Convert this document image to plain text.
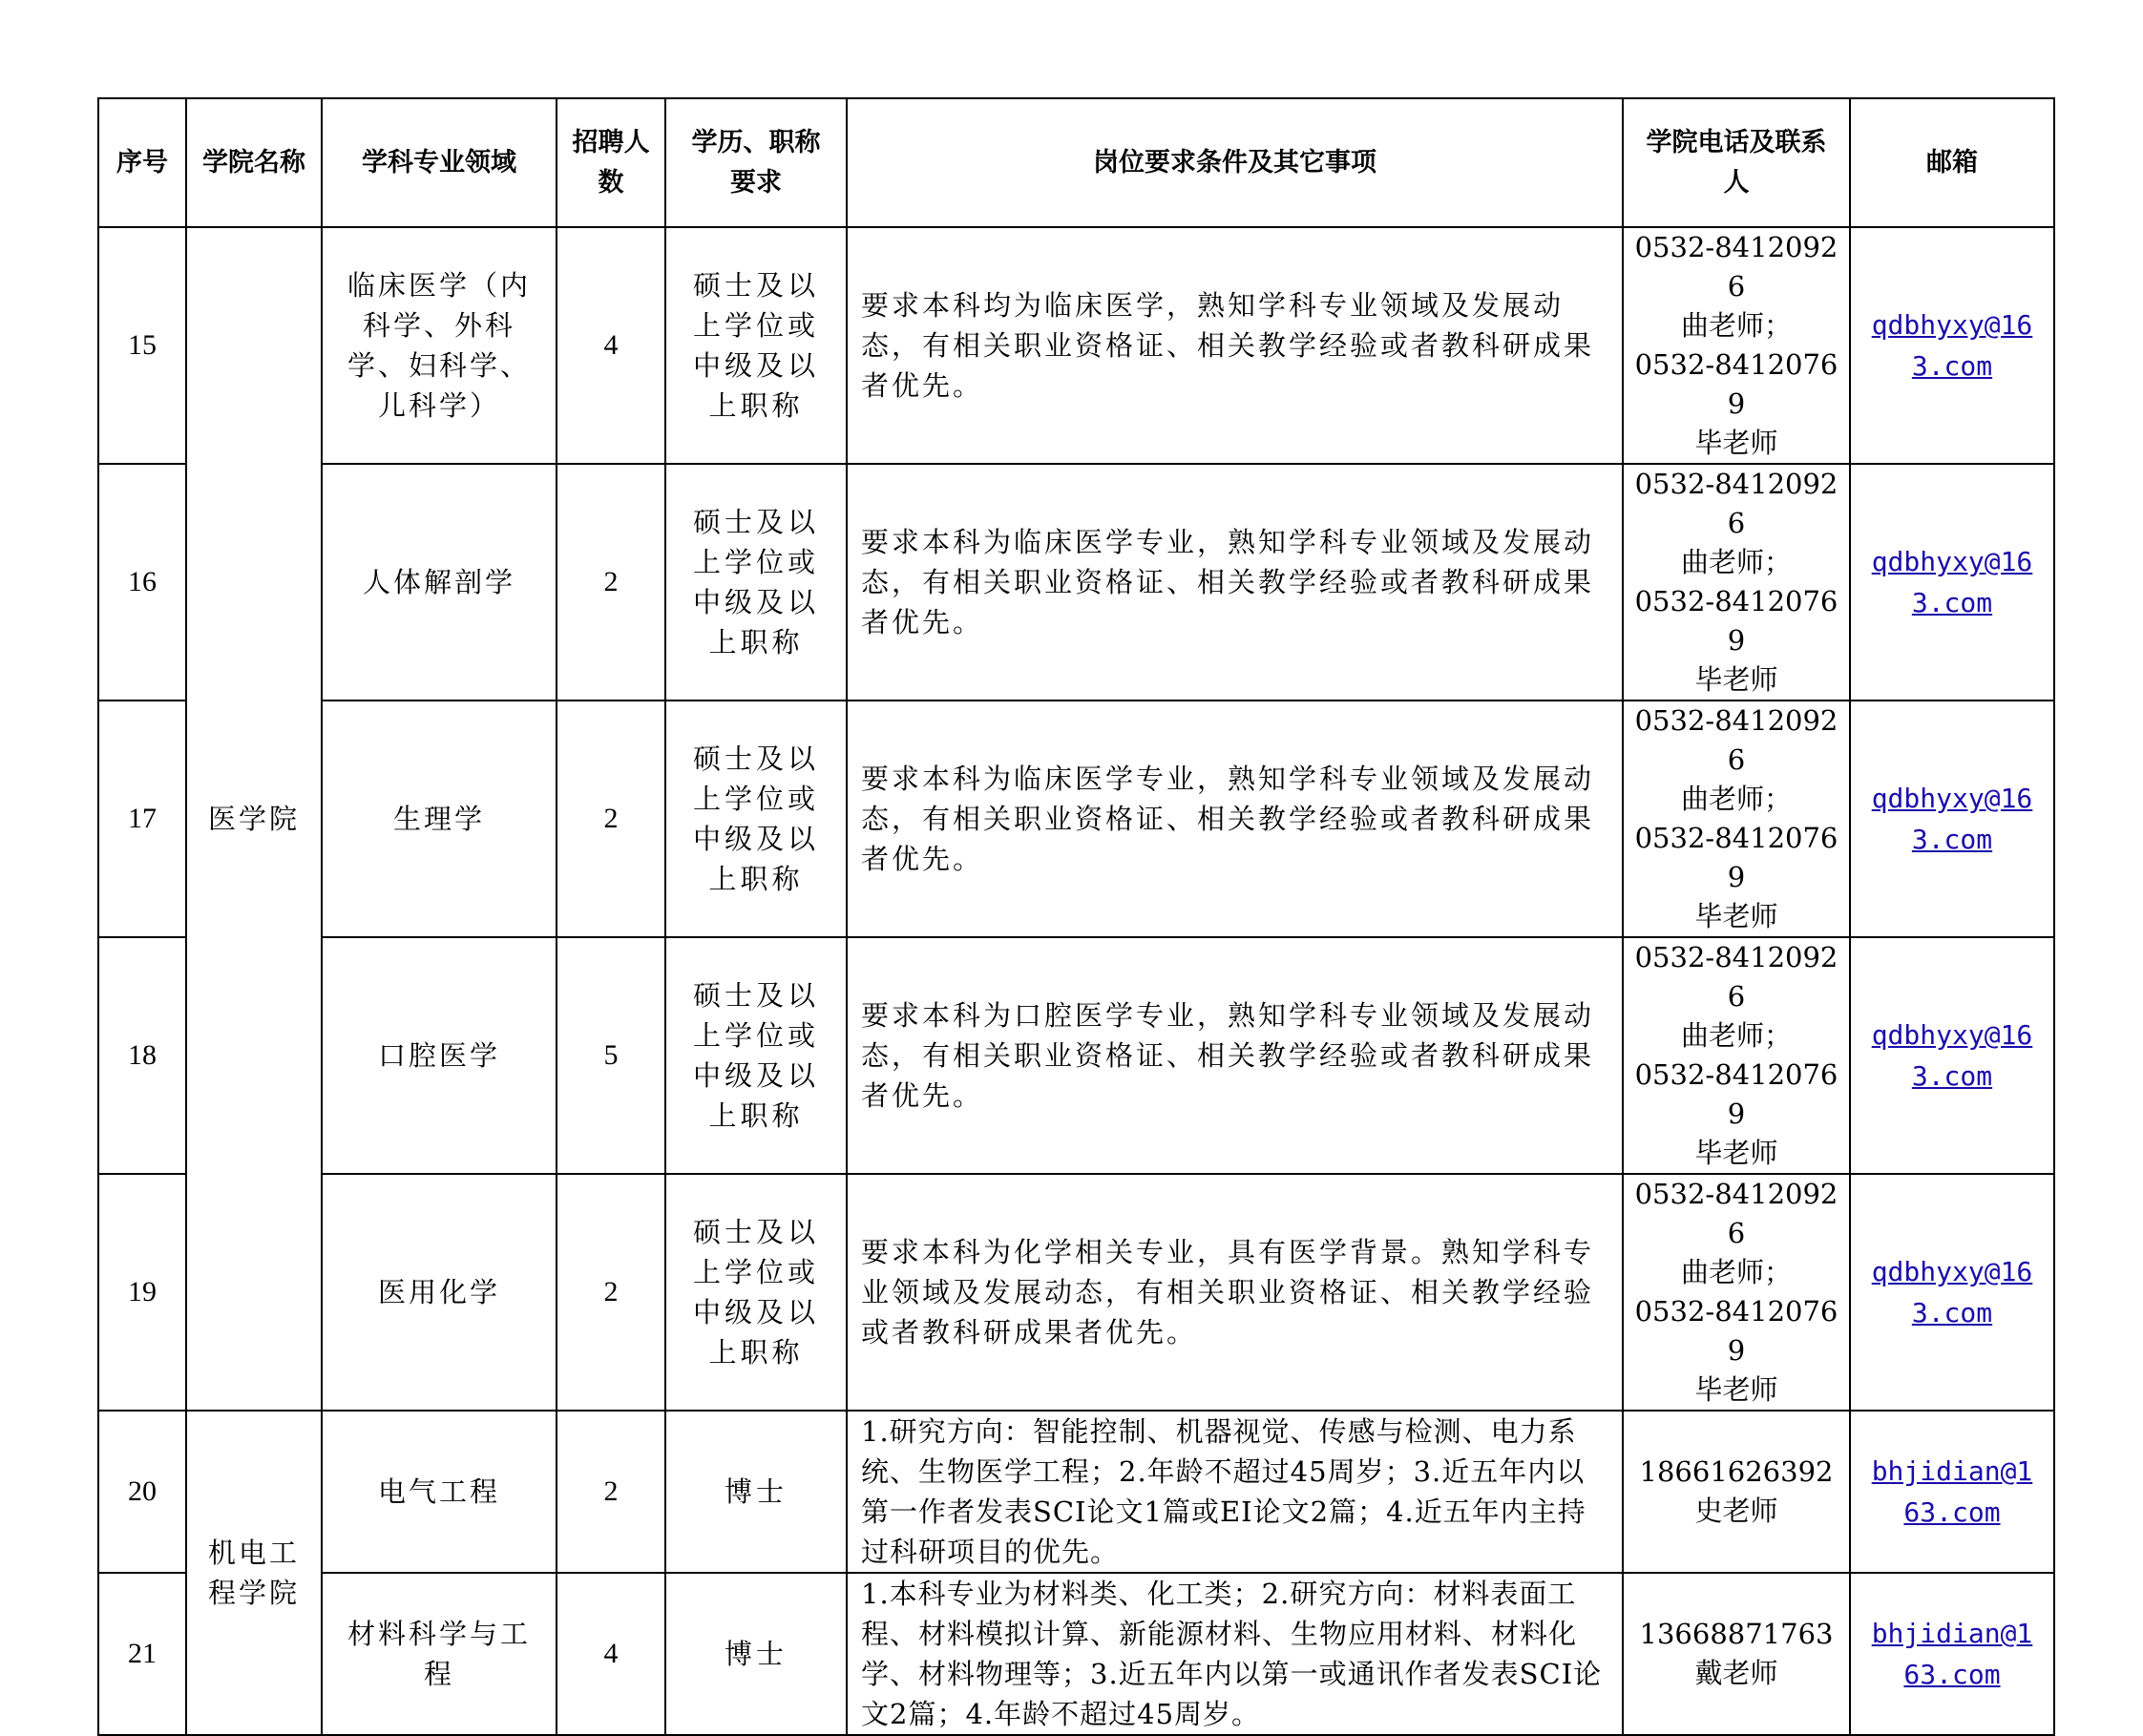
序号	学院名称	学科专业领域	招聘人数	学历、职称要求	岗位要求条件及其它事项	学院电话及联系人	邮箱
15	医学院	临床医学（内科学、外科学、妇科学、儿科学）	4	硕士及以上学位或中级及以上职称	要求本科均为临床医学，熟知学科专业领域及发展动态，有相关职业资格证、相关教学经验或者教科研成果者优先。	0532-84120926
曲老师；
0532-84120769
毕老师	qdbhyxy@163.com
16		人体解剖学	2	硕士及以上学位或中级及以上职称	要求本科为临床医学专业，熟知学科专业领域及发展动态，有相关职业资格证、相关教学经验或者教科研成果者优先。	0532-84120926
曲老师；
0532-84120769
毕老师	qdbhyxy@163.com
17		生理学	2	硕士及以上学位或中级及以上职称	要求本科为临床医学专业，熟知学科专业领域及发展动态，有相关职业资格证、相关教学经验或者教科研成果者优先。	0532-84120926
曲老师；
0532-84120769
毕老师	qdbhyxy@163.com
18		口腔医学	5	硕士及以上学位或中级及以上职称	要求本科为口腔医学专业，熟知学科专业领域及发展动态，有相关职业资格证、相关教学经验或者教科研成果者优先。	0532-84120926
曲老师；
0532-84120769
毕老师	qdbhyxy@163.com
19		医用化学	2	硕士及以上学位或中级及以上职称	要求本科为化学相关专业，具有医学背景。熟知学科专业领域及发展动态，有相关职业资格证、相关教学经验或者教科研成果者优先。	0532-84120926
曲老师；
0532-84120769
毕老师	qdbhyxy@163.com
20	机电工程学院	电气工程	2	博士	1.研究方向：智能控制、机器视觉、传感与检测、电力系统、生物医学工程；2.年龄不超过45周岁；3.近五年内以第一作者发表SCI论文1篇或EI论文2篇；4.近五年内主持过科研项目的优先。	18661626392
史老师	bhjidian@163.com
21		材料科学与工程	4	博士	1.本科专业为材料类、化工类；2.研究方向：材料表面工程、材料模拟计算、新能源材料、生物应用材料、材料化学、材料物理等；3.近五年内以第一或通讯作者发表SCI论文2篇；4.年龄不超过45周岁。	13668871763
戴老师	bhjidian@163.com
